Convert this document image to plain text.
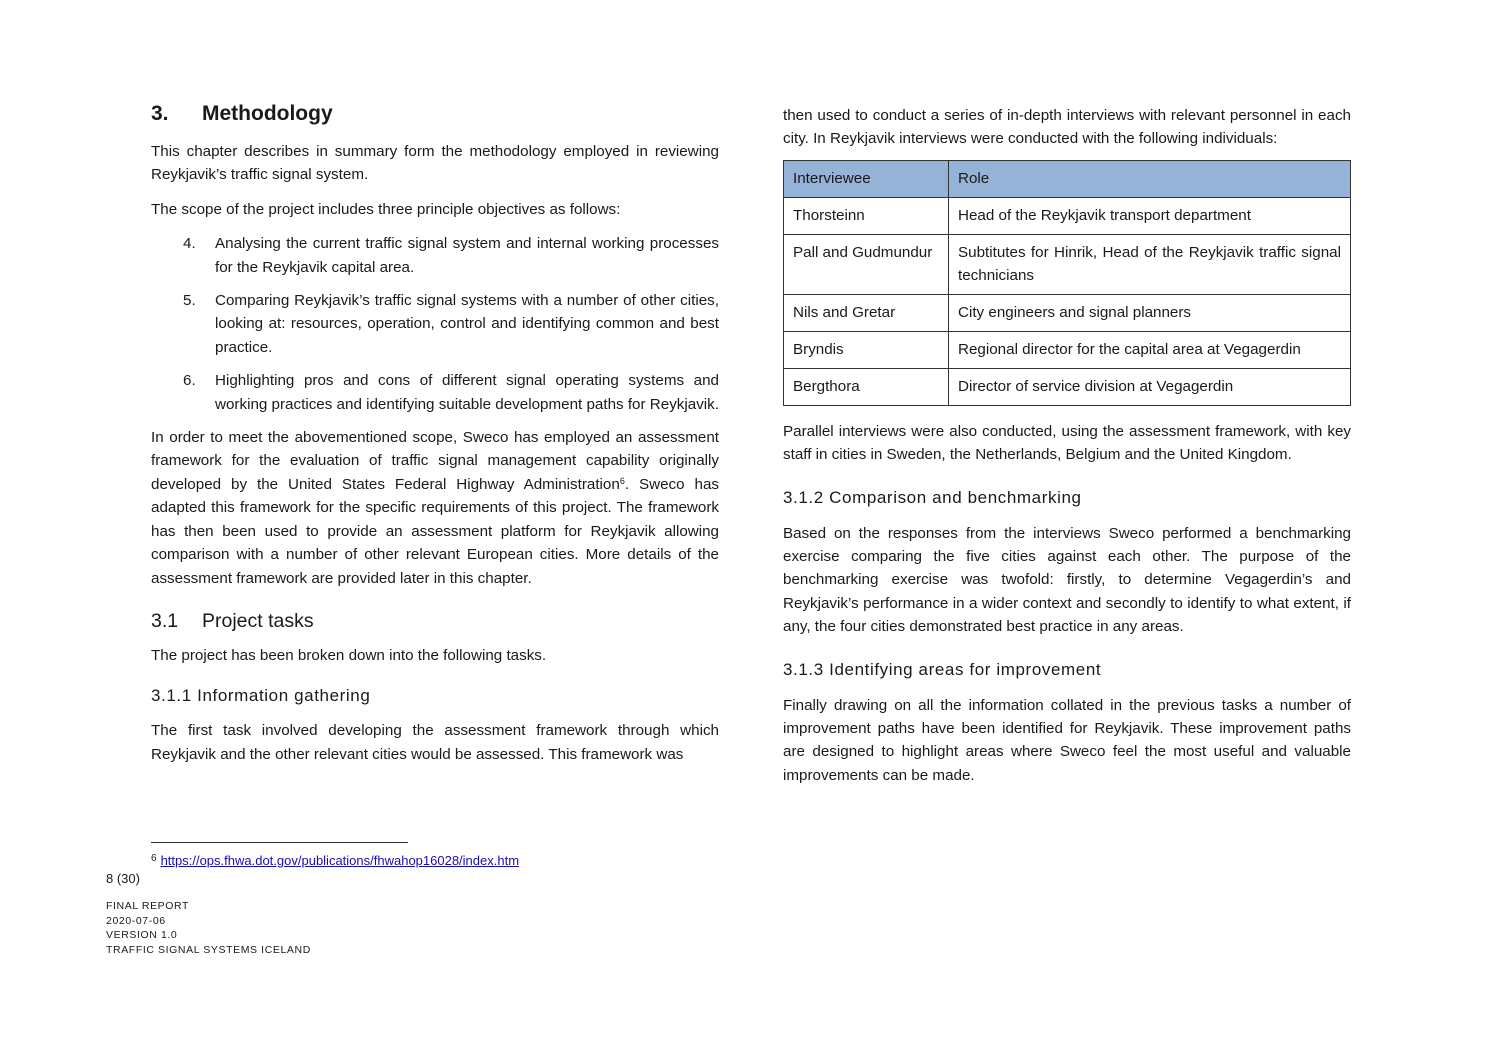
3.	Methodology

This chapter describes in summary form the methodology employed in reviewing Reykjavik’s traffic signal system.

The scope of the project includes three principle objectives as follows:

4.	Analysing the current traffic signal system and internal working processes for the Reykjavik capital area.
5.	Comparing Reykjavik’s traffic signal systems with a number of other cities, looking at: resources, operation, control and identifying common and best practice.
6.	Highlighting pros and cons of different signal operating systems and working practices and identifying suitable development paths for Reykjavik.

In order to meet the abovementioned scope, Sweco has employed an assessment framework for the evaluation of traffic signal management capability originally developed by the United States Federal Highway Administration$^6$. Sweco has adapted this framework for the specific requirements of this project. The framework has then been used to provide an assessment platform for Reykjavik allowing comparison with a number of other relevant European cities. More details of the assessment framework are provided later in this chapter.

3.1	Project tasks

The project has been broken down into the following tasks.

3.1.1 Information gathering

The first task involved developing the assessment framework through which Reykjavik and the other relevant cities would be assessed. This framework was

then used to conduct a series of in-depth interviews with relevant personnel in each city. In Reykjavik interviews were conducted with the following individuals:

Interviewee	Role
Thorsteinn	Head of the Reykjavik transport department
Pall and Gudmundur	Subtitutes for Hinrik, Head of the Reykjavik traffic signal technicians
Nils and Gretar	City engineers and signal planners
Bryndis	Regional director for the capital area at Vegagerdin
Bergthora	Director of service division at Vegagerdin

Parallel interviews were also conducted, using the assessment framework, with key staff in cities in Sweden, the Netherlands, Belgium and the United Kingdom.

3.1.2 Comparison and benchmarking

Based on the responses from the interviews Sweco performed a benchmarking exercise comparing the five cities against each other. The purpose of the benchmarking exercise was twofold: firstly, to determine Vegagerdin’s and Reykjavik’s performance in a wider context and secondly to identify to what extent, if any, the four cities demonstrated best practice in any areas.

3.1.3 Identifying areas for improvement

Finally drawing on all the information collated in the previous tasks a number of improvement paths have been identified for Reykjavik. These improvement paths are designed to highlight areas where Sweco feel the most useful and valuable improvements can be made.

$^6$ https://ops.fhwa.dot.gov/publications/fhwahop16028/index.htm
8 (30)
FINAL REPORT
2020-07-06
VERSION 1.0
TRAFFIC SIGNAL SYSTEMS ICELAND
